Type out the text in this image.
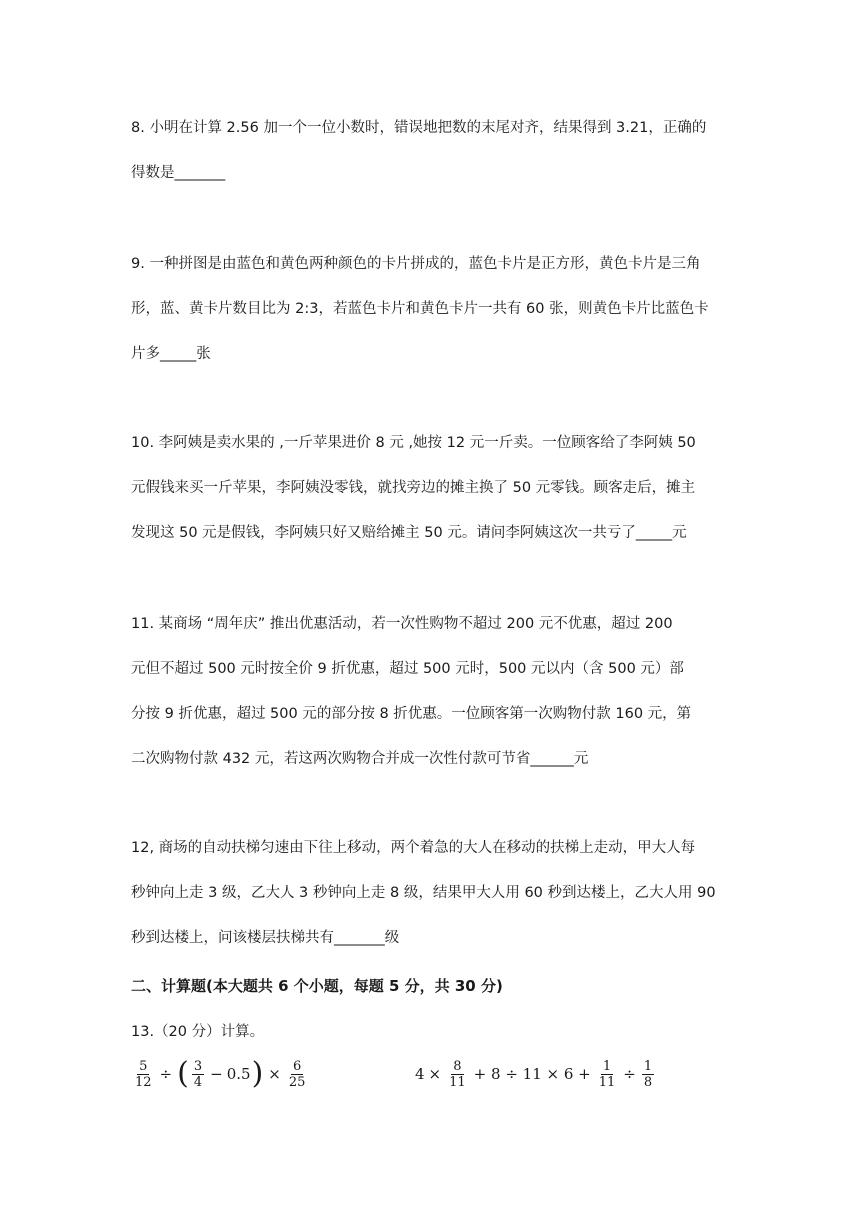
8. 小明在计算 2.56 加一个一位小数时，错误地把数的末尾对齐，结果得到 3.21，正确的
得数是_______
9. 一种拼图是由蓝色和黄色两种颜色的卡片拼成的，蓝色卡片是正方形，黄色卡片是三角
形，蓝、黄卡片数目比为 2:3，若蓝色卡片和黄色卡片一共有 60 张，则黄色卡片比蓝色卡
片多_____张
10. 李阿姨是卖水果的 ,一斤苹果进价 8 元 ,她按 12 元一斤卖。一位顾客给了李阿姨 50
元假钱来买一斤苹果，李阿姨没零钱，就找旁边的摊主换了 50 元零钱。顾客走后，摊主
发现这 50 元是假钱，李阿姨只好又赔给摊主 50 元。请问李阿姨这次一共亏了_____元
11. 某商场 “周年庆” 推出优惠活动，若一次性购物不超过 200 元不优惠，超过 200
元但不超过 500 元时按全价 9 折优惠，超过 500 元时，500 元以内（含 500 元）部
分按 9 折优惠，超过 500 元的部分按 8 折优惠。一位顾客第一次购物付款 160 元，第
二次购物付款 432 元，若这两次购物合并成一次性付款可节省______元
12, 商场的自动扶梯匀速由下往上移动，两个着急的大人在移动的扶梯上走动，甲大人每
秒钟向上走 3 级，乙大人 3 秒钟向上走 8 级，结果甲大人用 60 秒到达楼上，乙大人用 90
秒到达楼上，问该楼层扶梯共有_______级
二、计算题(本大题共 6 个小题，每题 5 分，共 30 分)
13.（20 分）计算。
$\frac{5}{12}$ ÷ ( $\frac{3}{4} - 0.5$ ) × $\frac{6}{25}$	$4 \times \frac{8}{11} + 8 \div 11 \times 6 + \frac{1}{11} \div \frac{1}{8}$
